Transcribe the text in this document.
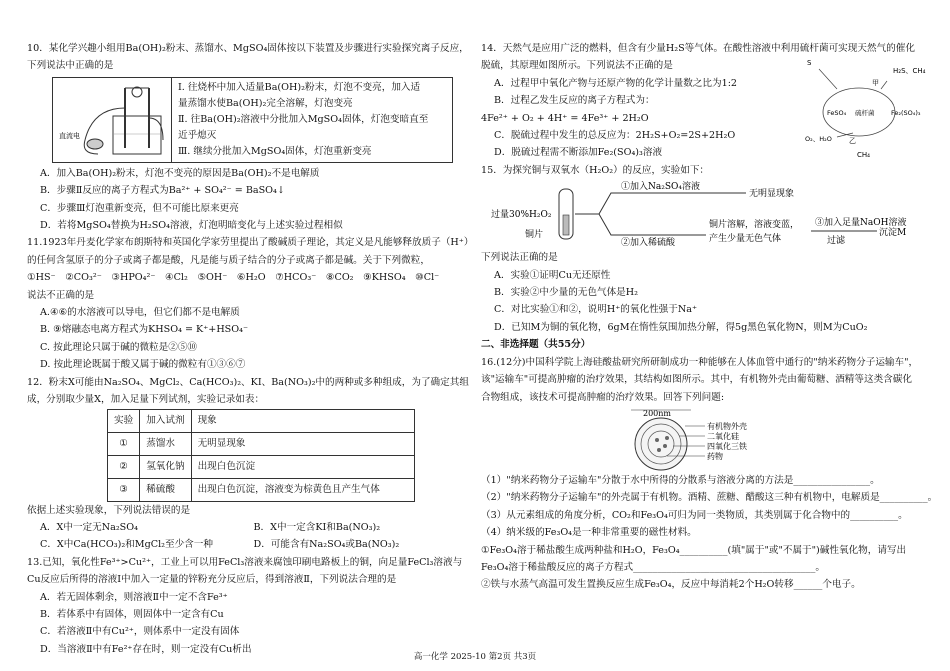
10．某化学兴趣小组用Ba(OH)₂粉末、蒸馏水、MgSO₄固体按以下装置及步骤进行实验探究离子反应，
下列说法中正确的是
直流电
Ⅰ. 往烧杯中加入适量Ba(OH)₂粉末，灯泡不变亮，加入适
量蒸馏水使Ba(OH)₂完全溶解，灯泡变亮
Ⅱ. 往Ba(OH)₂溶液中分批加入MgSO₄固体，灯泡变暗直至
近乎熄灭
Ⅲ. 继续分批加入MgSO₄固体，灯泡重新变亮
A．加入Ba(OH)₂粉末，灯泡不变亮的原因是Ba(OH)₂不是电解质
B．步骤Ⅱ反应的离子方程式为Ba²⁺ + SO₄²⁻ = BaSO₄↓
C．步骤Ⅲ灯泡重新变亮，但不可能比原来更亮
D．若将MgSO₄替换为H₂SO₄溶液，灯泡明暗变化与上述实验过程相似
11.1923年丹麦化学家布朗斯特和英国化学家劳里提出了酸碱质子理论，其定义是凡能够释放质子（H⁺）
的任何含氢原子的分子或离子都是酸，凡是能与质子结合的分子或离子都是碱。关于下列微粒，
①HS⁻　②CO₃²⁻　③HPO₄²⁻　④Cl₂　⑤OH⁻　⑥H₂O　⑦HCO₃⁻　⑧CO₂　⑨KHSO₄　⑩Cl⁻
说法不正确的是
A.④⑥的水溶液可以导电，但它们都不是电解质
B. ⑨熔融态电离方程式为KHSO₄ = K⁺+HSO₄⁻
C. 按此理论只属于碱的微粒是②⑤⑩
D. 按此理论既属于酸又属于碱的微粒有①③⑥⑦
12．粉末X可能由Na₂SO₄、MgCl₂、Ca(HCO₃)₂、KI、Ba(NO₃)₂中的两种或多种组成，为了确定其组
成，分别取少量X，加入足量下列试剂，实验记录如表：
实验	加入试剂	现象
①	蒸馏水	无明显现象
②	氢氧化钠	出现白色沉淀
③	稀硫酸	出现白色沉淀，溶液变为棕黄色且产生气体
依据上述实验现象，下列说法错误的是
A．X中一定无Na₂SO₄	B．X中一定含KI和Ba(NO₃)₂
C．X中Ca(HCO₃)₂和MgCl₂至少含一种	D．可能含有Na₂SO₄或Ba(NO₃)₂
13.已知，氧化性Fe³⁺>Cu²⁺，工业上可以用FeCl₃溶液来腐蚀印刷电路板上的铜，向足量FeCl₃溶液与
Cu反应后所得的溶液Ⅰ中加入一定量的锌粉充分反应后，得到溶液Ⅱ，下列说法合理的是
A．若无固体剩余，则溶液Ⅱ中一定不含Fe³⁺
B．若体系中有固体，则固体中一定含有Cu
C．若溶液Ⅱ中有Cu²⁺，则体系中一定没有固体
D．当溶液Ⅱ中有Fe²⁺存在时，则一定没有Cu析出
14．天然气是应用广泛的燃料，但含有少量H₂S等气体。在酸性溶液中利用硫杆菌可实现天然气的催化
脱硫，其原理如图所示。下列说法不正确的是
A．过程甲中氧化产物与还原产物的化学计量数之比为1:2
B．过程乙发生反应的离子方程式为：
4Fe²⁺ + O₂ + 4H⁺ = 4Fe³⁺ + 2H₂O
C．脱硫过程中发生的总反应为：2H₂S+O₂=2S+2H₂O
D．脱硫过程需不断添加Fe₂(SO₄)₃溶液
S
H₂S、CH₄
甲
FeSO₄ 硫杆菌	Fe₂(SO₄)₃
O₂、H₂O 乙
CH₄
15．为探究铜与双氧水（H₂O₂）的反应，实验如下：
过量30%H₂O₂
铜片
①加入Na₂SO₄溶液
无明显现象
②加入稀硫酸
铜片溶解，溶液变蓝，
产生少量无色气体
③加入足量NaOH溶液
过滤
沉淀M
下列说法正确的是
A．实验①证明Cu无还原性
B．实验②中少量的无色气体是H₂
C．对比实验①和②，说明H⁺的氧化性强于Na⁺
D．已知M为铜的氧化物，6gM在惰性氛围加热分解，得5g黑色氧化物N，则M为CuO₂
二、非选择题（共55分）
16.(12分)中国科学院上海硅酸盐研究所研制成功一种能够在人体血管中通行的"纳米药物分子运输车"，
该"运输车"可提高肿瘤的治疗效果，其结构如图所示。其中，有机物外壳由葡萄糖、酒精等这类含碳化
合物组成，该技术可提高肿瘤的治疗效果。回答下列问题:
200nm
有机物外壳
二氧化硅
四氧化三铁
药物
（1）"纳米药物分子运输车"分散于水中所得的分散系与溶液分离的方法是________________。
（2）"纳米药物分子运输车"的外壳属于有机物。酒精、蔗糖、醋酸这三种有机物中，电解质是__________。
（3）从元素组成的角度分析，CO₂和Fe₃O₄可归为同一类物质，其类别属于化合物中的__________。
（4）纳米级的Fe₃O₄是一种非常重要的磁性材料。
①Fe₃O₄溶于稀盐酸生成两种盐和H₂O，Fe₃O₄__________(填"属于"或"不属于")碱性氧化物，请写出
Fe₃O₄溶于稀盐酸反应的离子方程式______________________________________。
②铁与水蒸气高温可发生置换反应生成Fe₃O₄，反应中每消耗2个H₂O转移______个电子。
高一化学 2025-10 第2页 共3页
